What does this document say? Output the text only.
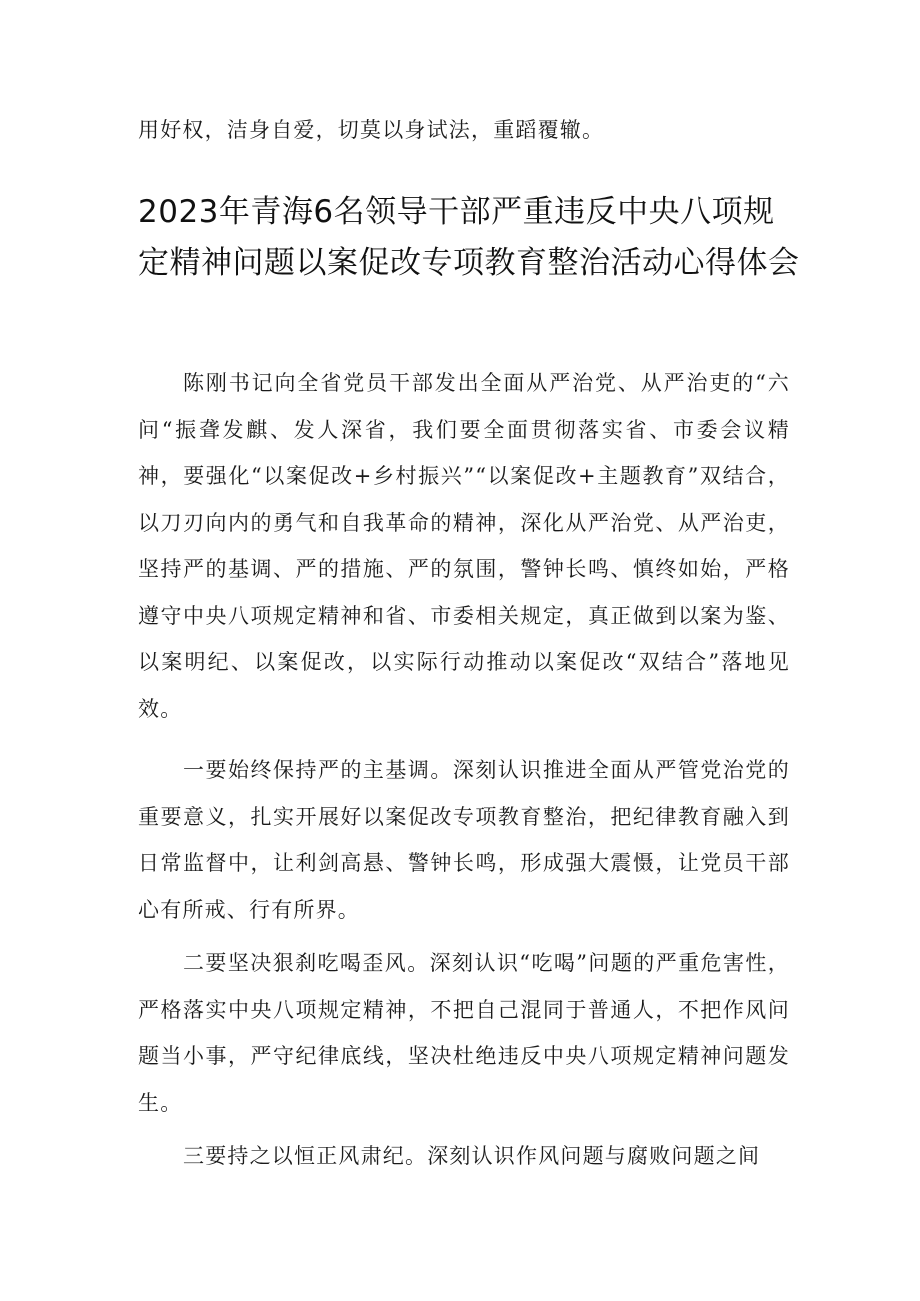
用好权，洁身自爱，切莫以身试法，重蹈覆辙。

2023年青海6名领导干部严重违反中央八项规定精神问题以案促改专项教育整治活动心得体会

陈刚书记向全省党员干部发出全面从严治党、从严治吏的“六问“振聋发麒、发人深省，我们要全面贯彻落实省、市委会议精神，要强化“以案促改+乡村振兴”“以案促改+主题教育”双结合，以刀刃向内的勇气和自我革命的精神，深化从严治党、从严治吏，坚持严的基调、严的措施、严的氛围，警钟长鸣、慎终如始，严格遵守中央八项规定精神和省、市委相关规定，真正做到以案为鉴、以案明纪、以案促改，以实际行动推动以案促改“双结合”落地见效。

一要始终保持严的主基调。深刻认识推进全面从严管党治党的重要意义，扎实开展好以案促改专项教育整治，把纪律教育融入到日常监督中，让利剑高悬、警钟长鸣，形成强大震慑，让党员干部心有所戒、行有所界。

二要坚决狠刹吃喝歪风。深刻认识“吃喝”问题的严重危害性，严格落实中央八项规定精神，不把自己混同于普通人，不把作风问题当小事，严守纪律底线，坚决杜绝违反中央八项规定精神问题发生。

三要持之以恒正风肃纪。深刻认识作风问题与腐败问题之间
